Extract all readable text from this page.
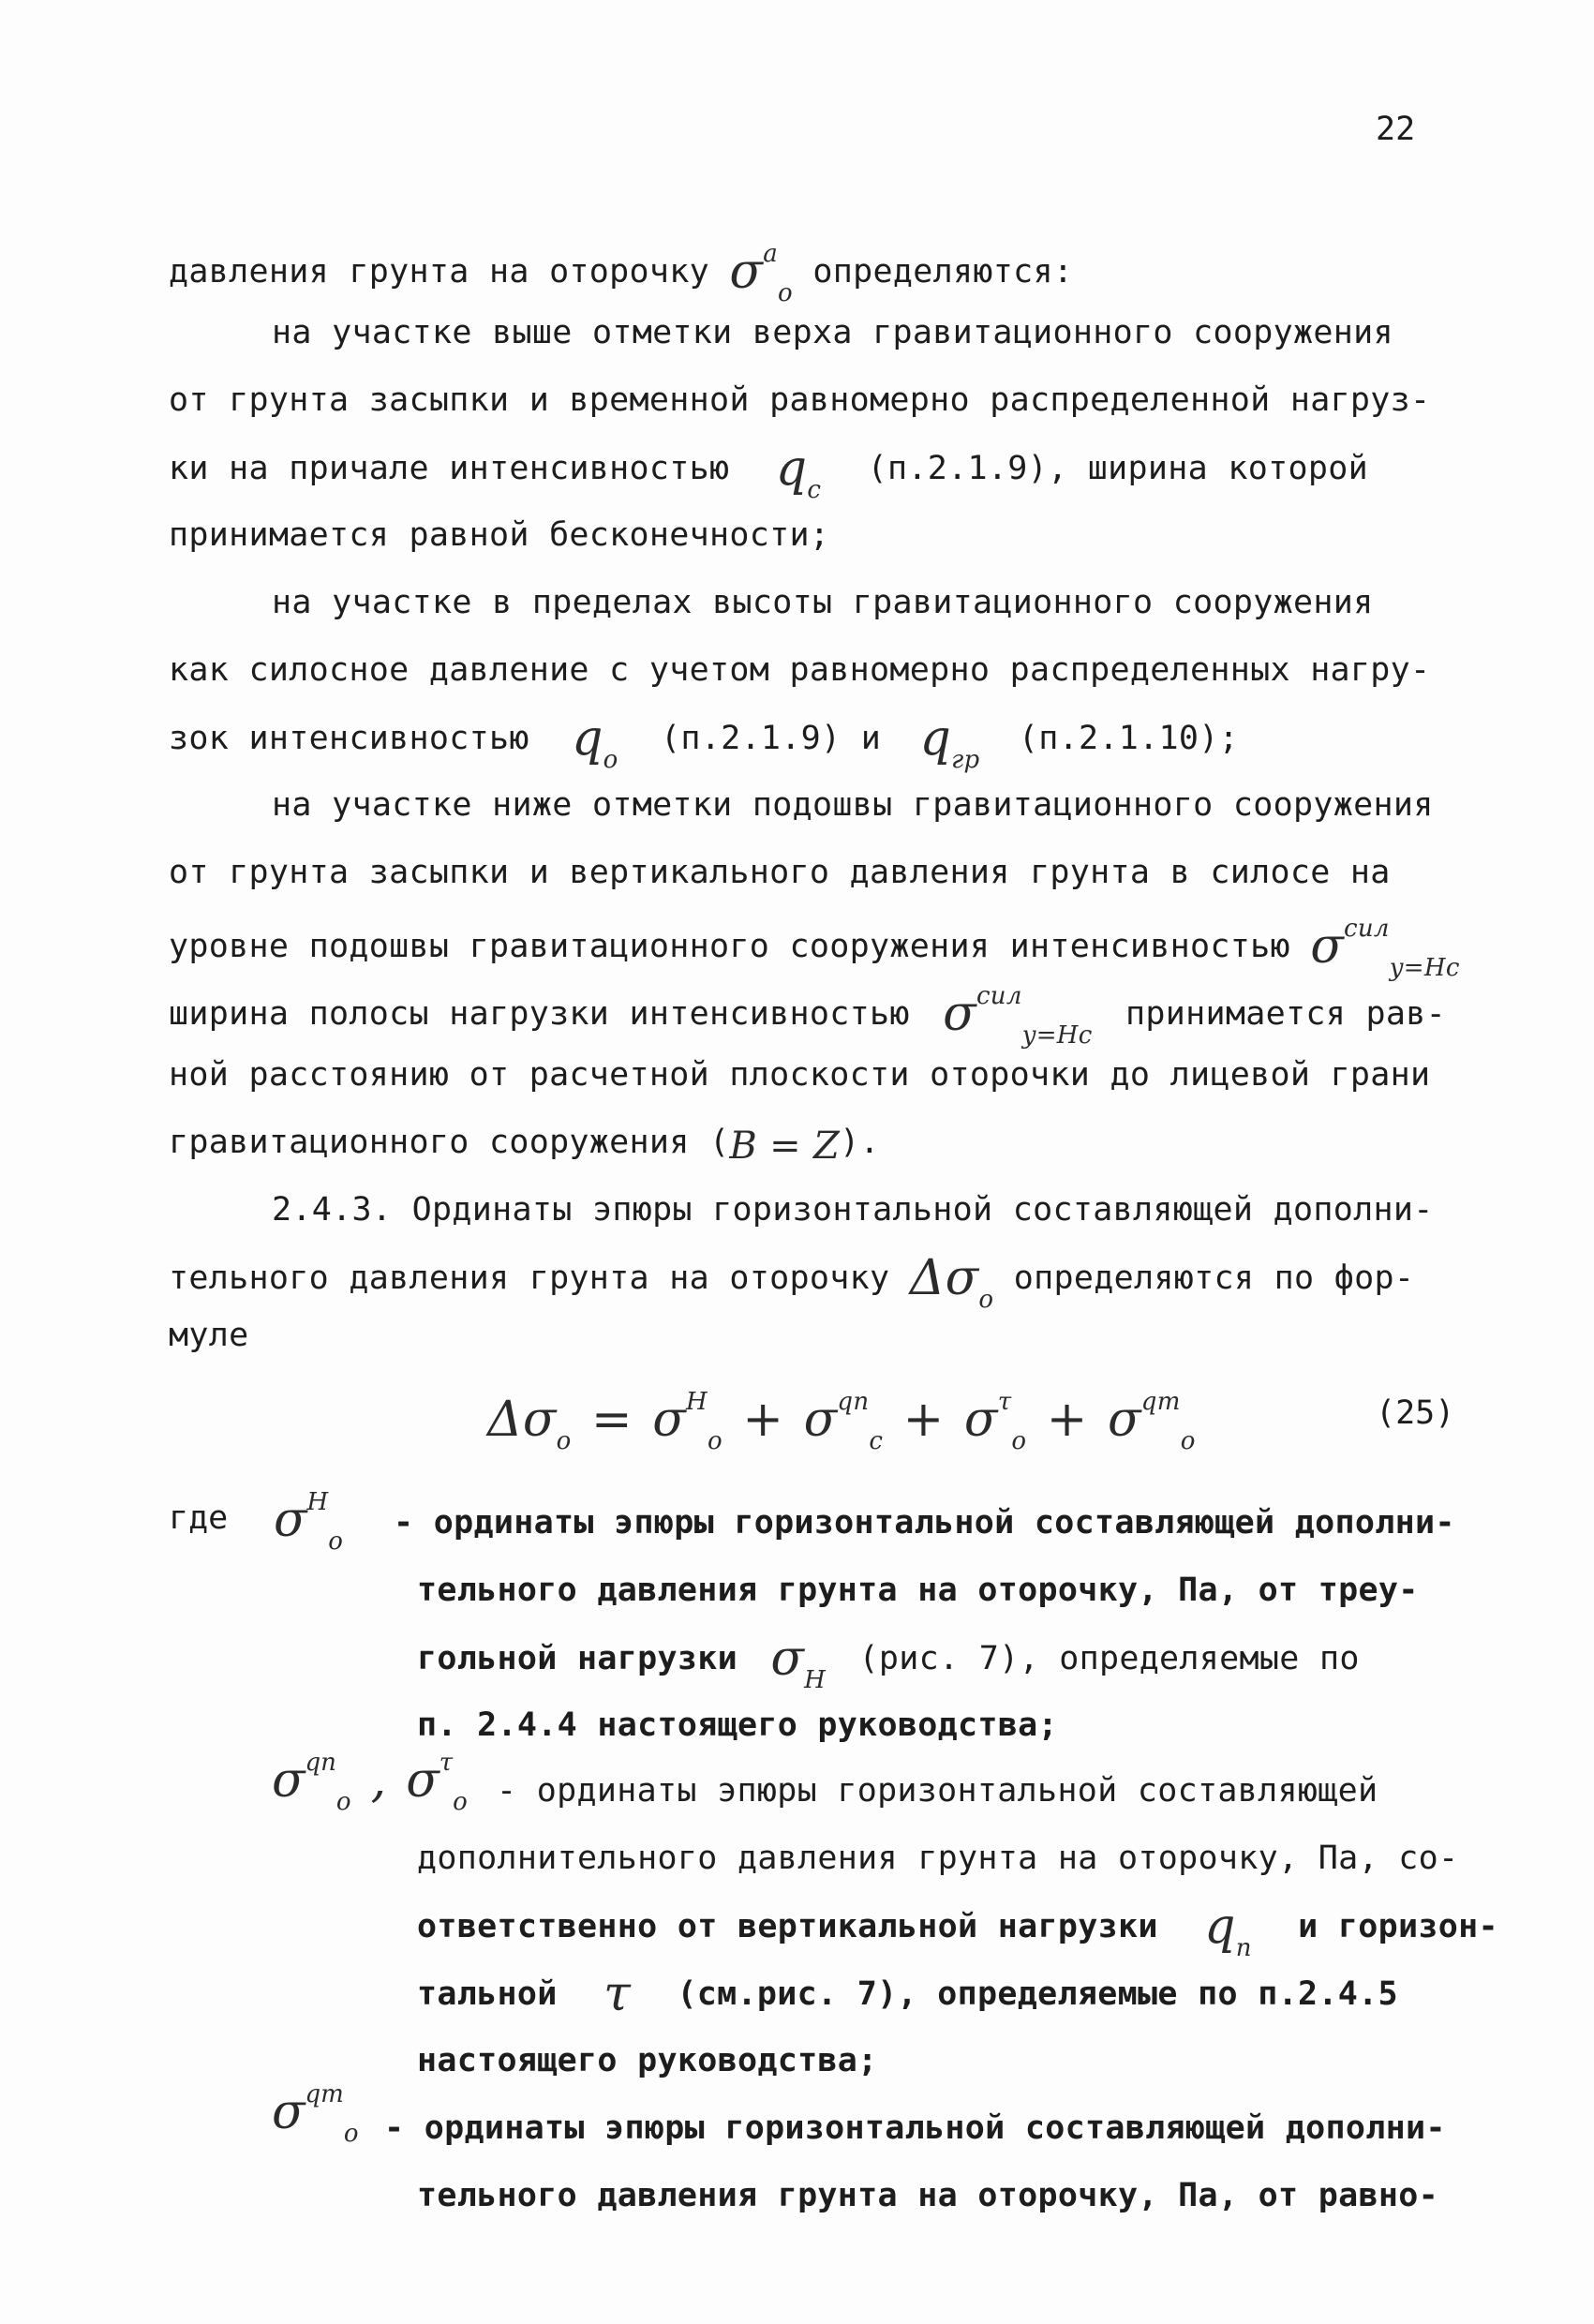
22
давления грунта на оторочку $\sigma^a_o$ определяются:
на участке выше отметки верха гравитационного сооружения
от грунта засыпки и временной равномерно распределенной нагруз-
ки на причале интенсивностью $q_c$ (п.2.1.9), ширина которой
принимается равной бесконечности;
на участке в пределах высоты гравитационного сооружения
как силосное давление с учетом равномерно распределенных нагру-
зок интенсивностью $q_o$ (п.2.1.9) и $q_{гр}$ (п.2.1.10);
на участке ниже отметки подошвы гравитационного сооружения
от грунта засыпки и вертикального давления грунта в силосе на
уровне подошвы гравитационного сооружения интенсивностью $\sigma^{сил}_{y=Hc}$
ширина полосы нагрузки интенсивностью $\sigma^{сил}_{y=Hc}$ принимается рав-
ной расстоянию от расчетной плоскости оторочки до лицевой грани
гравитационного сооружения (B = Z).
2.4.3. Ординаты эпюры горизонтальной составляющей дополни-
тельного давления грунта на оторочку $\Delta\sigma_o$ определяются по фор-
муле
$\Delta\sigma_o = \sigma^H_o + \sigma^{qп}_c + \sigma^\tau_o + \sigma^{qт}_o$
(25)
где $\sigma^H_o$ - ординаты эпюры горизонтальной составляющей дополни-
тельного давления грунта на оторочку, Па, от треу-
гольной нагрузки $\sigma_H$ (рис. 7), определяемые по
п. 2.4.4 настоящего руководства;
$\sigma^{qп}_o$ , $\sigma^\tau_o$ - ординаты эпюры горизонтальной составляющей
дополнительного давления грунта на оторочку, Па, со-
ответственно от вертикальной нагрузки $q_п$ и горизон-
тальной τ (см.рис. 7), определяемые по п.2.4.5
настоящего руководства;
$\sigma^{qт}_o$ - ординаты эпюры горизонтальной составляющей дополни-
тельного давления грунта на оторочку, Па, от равно-
